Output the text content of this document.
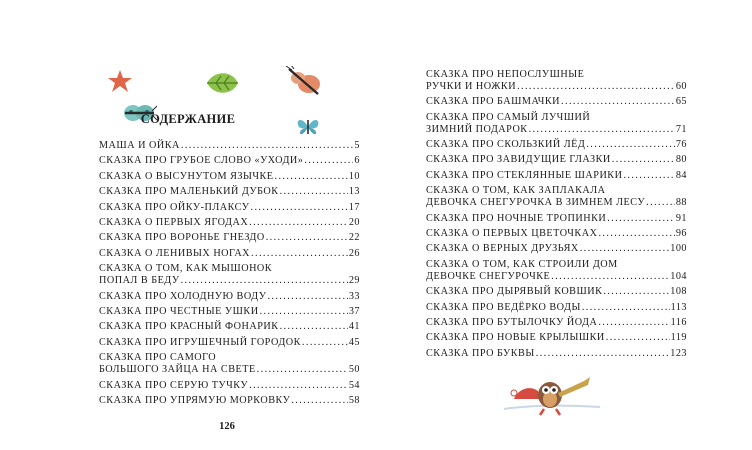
СОДЕРЖАНИЕ
МАША И ОЙКА .....	5
СКАЗКА ПРО ГРУБОЕ СЛОВО «УХОДИ» .....	6
СКАЗКА О ВЫСУНУТОМ ЯЗЫЧКЕ .....	10
СКАЗКА ПРО МАЛЕНЬКИЙ ДУБОК .....	13
СКАЗКА ПРО ОЙКУ-ПЛАКСУ .....	17
СКАЗКА О ПЕРВЫХ ЯГОДАХ .....	20
СКАЗКА ПРО ВОРОНЬЕ ГНЕЗДО .....	22
СКАЗКА О ЛЕНИВЫХ НОГАХ .....	26
СКАЗКА О ТОМ, КАК МЫШОНОК
ПОПАЛ В БЕДУ .....	29
СКАЗКА ПРО ХОЛОДНУЮ ВОДУ .....	33
СКАЗКА ПРО ЧЕСТНЫЕ УШКИ .....	37
СКАЗКА ПРО КРАСНЫЙ ФОНАРИК .....	41
СКАЗКА ПРО ИГРУШЕЧНЫЙ ГОРОДОК .....	45
СКАЗКА ПРО САМОГО
БОЛЬШОГО ЗАЙЦА НА СВЕТЕ .....	50
СКАЗКА ПРО СЕРУЮ ТУЧКУ .....	54
СКАЗКА ПРО УПРЯМУЮ МОРКОВКУ .....	58
СКАЗКА ПРО НЕПОСЛУШНЫЕ
РУЧКИ И НОЖКИ .....	60
СКАЗКА ПРО БАШМАЧКИ .....	65
СКАЗКА ПРО САМЫЙ ЛУЧШИЙ
ЗИМНИЙ ПОДАРОК .....	71
СКАЗКА ПРО СКОЛЬЗКИЙ ЛЁД .....	76
СКАЗКА ПРО ЗАВИДУЩИЕ ГЛАЗКИ .....	80
СКАЗКА ПРО СТЕКЛЯННЫЕ ШАРИКИ .....	84
СКАЗКА О ТОМ, КАК ЗАПЛАКАЛА
ДЕВОЧКА СНЕГУРОЧКА В ЗИМНЕМ ЛЕСУ .....	88
СКАЗКА ПРО НОЧНЫЕ ТРОПИНКИ .....	91
СКАЗКА О ПЕРВЫХ ЦВЕТОЧКАХ .....	96
СКАЗКА О ВЕРНЫХ ДРУЗЬЯХ .....	100
СКАЗКА О ТОМ, КАК СТРОИЛИ ДОМ
ДЕВОЧКЕ СНЕГУРОЧКЕ .....	104
СКАЗКА ПРО ДЫРЯВЫЙ КОВШИК .....	108
СКАЗКА ПРО ВЕДЁРКО ВОДЫ .....	113
СКАЗКА ПРО БУТЫЛОЧКУ ЙОДА .....	116
СКАЗКА ПРО НОВЫЕ КРЫЛЫШКИ .....	119
СКАЗКА ПРО БУКВЫ .....	123
126
